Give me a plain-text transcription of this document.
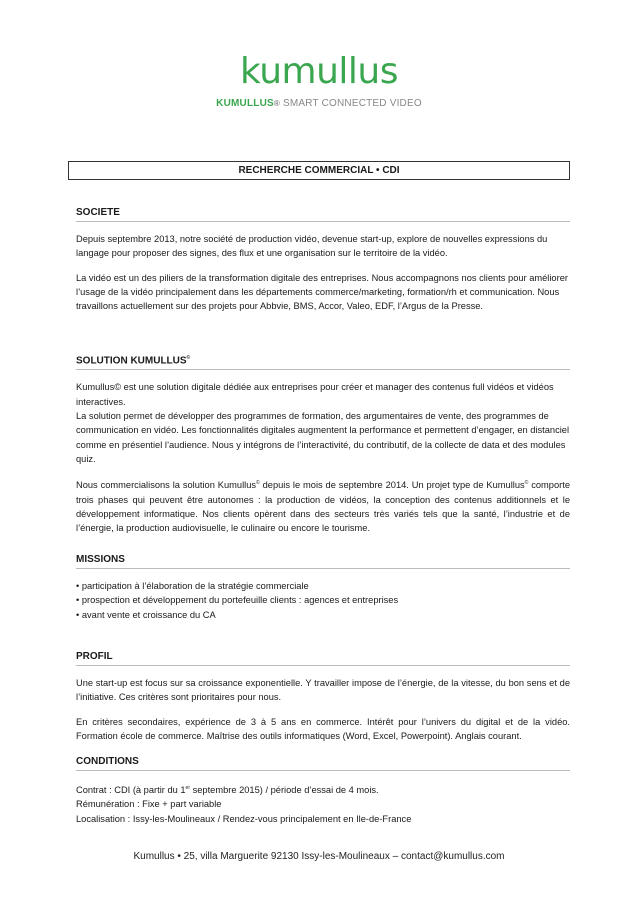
kumullus
KUMULLUS® SMART CONNECTED VIDEO
RECHERCHE COMMERCIAL • CDI
SOCIETE

Depuis septembre 2013, notre société de production vidéo, devenue start-up, explore de nouvelles expressions du langage pour proposer des signes, des flux et une organisation sur le territoire de la vidéo.

La vidéo est un des piliers de la transformation digitale des entreprises. Nous accompagnons nos clients pour améliorer l’usage de la vidéo principalement dans les départements commerce/marketing, formation/rh et communication. Nous travaillons actuellement sur des projets pour Abbvie, BMS, Accor, Valeo, EDF, l’Argus de la Presse.

SOLUTION KUMULLUS©

Kumullus© est une solution digitale dédiée aux entreprises pour créer et manager des contenus full vidéos et vidéos interactives.

La solution permet de développer des programmes de formation, des argumentaires de vente, des programmes de communication en vidéo. Les fonctionnalités digitales augmentent la performance et permettent d’engager, en distanciel comme en présentiel l’audience. Nous y intégrons de l’interactivité, du contributif, de la collecte de data et des modules quiz.

Nous commercialisons la solution Kumullus© depuis le mois de septembre 2014. Un projet type de Kumullus© comporte trois phases qui peuvent être autonomes : la production de vidéos, la conception des contenus additionnels et le développement informatique. Nos clients opèrent dans des secteurs très variés tels que la santé, l’industrie et de l’énergie, la production audiovisuelle, le culinaire ou encore le tourisme.

MISSIONS

• participation à l’élaboration de la stratégie commerciale

• prospection et développement du portefeuille clients : agences et entreprises

• avant vente et croissance du CA

PROFIL

Une start-up est focus sur sa croissance exponentielle. Y travailler impose de l’énergie, de la vitesse, du bon sens et de l’initiative. Ces critères sont prioritaires pour nous.

En critères secondaires, expérience de 3 à 5 ans en commerce. Intérêt pour l’univers du digital et de la vidéo. Formation école de commerce. Maîtrise des outils informatiques (Word, Excel, Powerpoint). Anglais courant.

CONDITIONS

Contrat : CDI (à partir du 1er septembre 2015) / période d’essai de 4 mois.

Rémunération : Fixe + part variable

Localisation : Issy-les-Moulineaux / Rendez-vous principalement en Ile-de-France

Kumullus • 25, villa Marguerite 92130 Issy-les-Moulineaux – contact@kumullus.com
